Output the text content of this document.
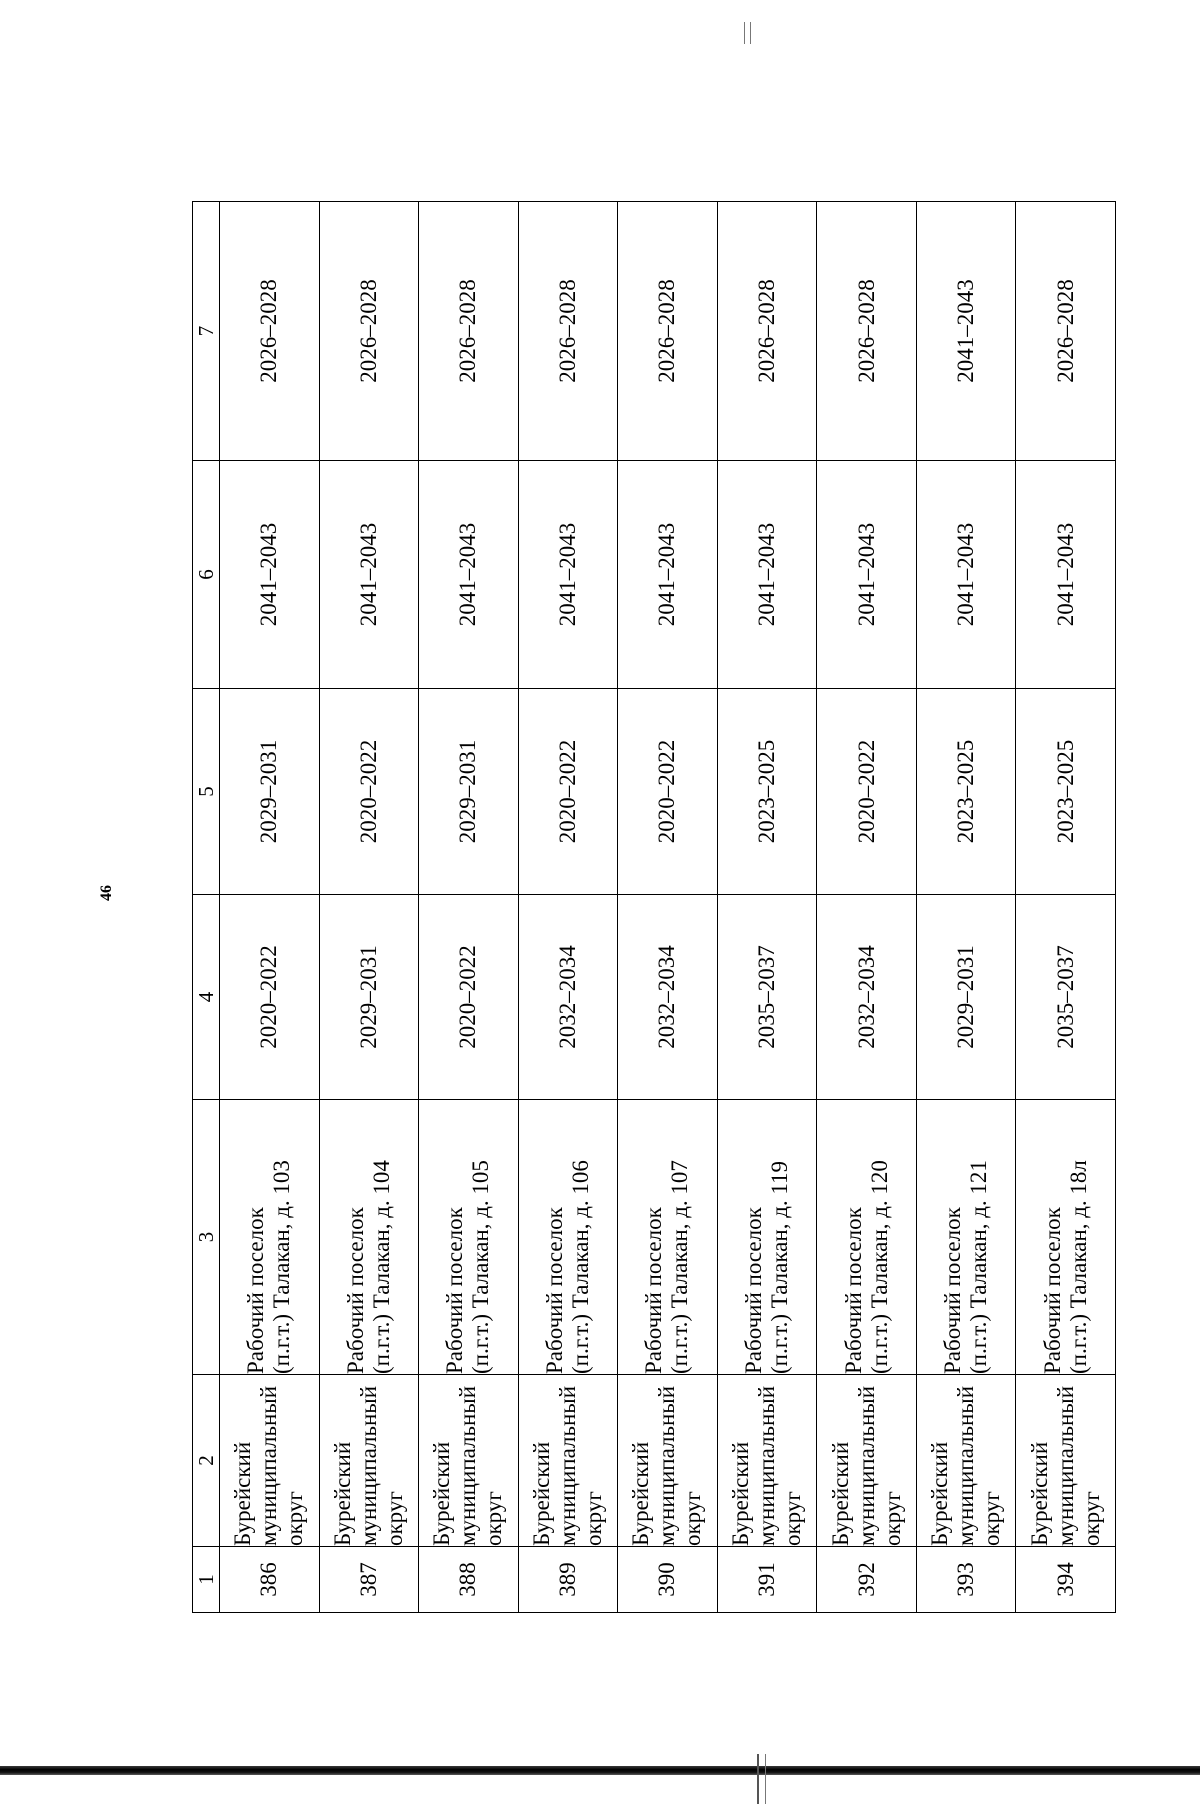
46
1	2	3	4	5	6	7
386	Бурейский муниципальный округ	Рабочий поселок (п.г.т.) Талакан, д. 103	2020–2022	2029–2031	2041–2043	2026–2028
387	Бурейский муниципальный округ	Рабочий поселок (п.г.т.) Талакан, д. 104	2029–2031	2020–2022	2041–2043	2026–2028
388	Бурейский муниципальный округ	Рабочий поселок (п.г.т.) Талакан, д. 105	2020–2022	2029–2031	2041–2043	2026–2028
389	Бурейский муниципальный округ	Рабочий поселок (п.г.т.) Талакан, д. 106	2032–2034	2020–2022	2041–2043	2026–2028
390	Бурейский муниципальный округ	Рабочий поселок (п.г.т.) Талакан, д. 107	2032–2034	2020–2022	2041–2043	2026–2028
391	Бурейский муниципальный округ	Рабочий поселок (п.г.т.) Талакан, д. 119	2035–2037	2023–2025	2041–2043	2026–2028
392	Бурейский муниципальный округ	Рабочий поселок (п.г.т.) Талакан, д. 120	2032–2034	2020–2022	2041–2043	2026–2028
393	Бурейский муниципальный округ	Рабочий поселок (п.г.т.) Талакан, д. 121	2029–2031	2023–2025	2041–2043	2041–2043
394	Бурейский муниципальный округ	Рабочий поселок (п.г.т.) Талакан, д. 18л	2035–2037	2023–2025	2041–2043	2026–2028
